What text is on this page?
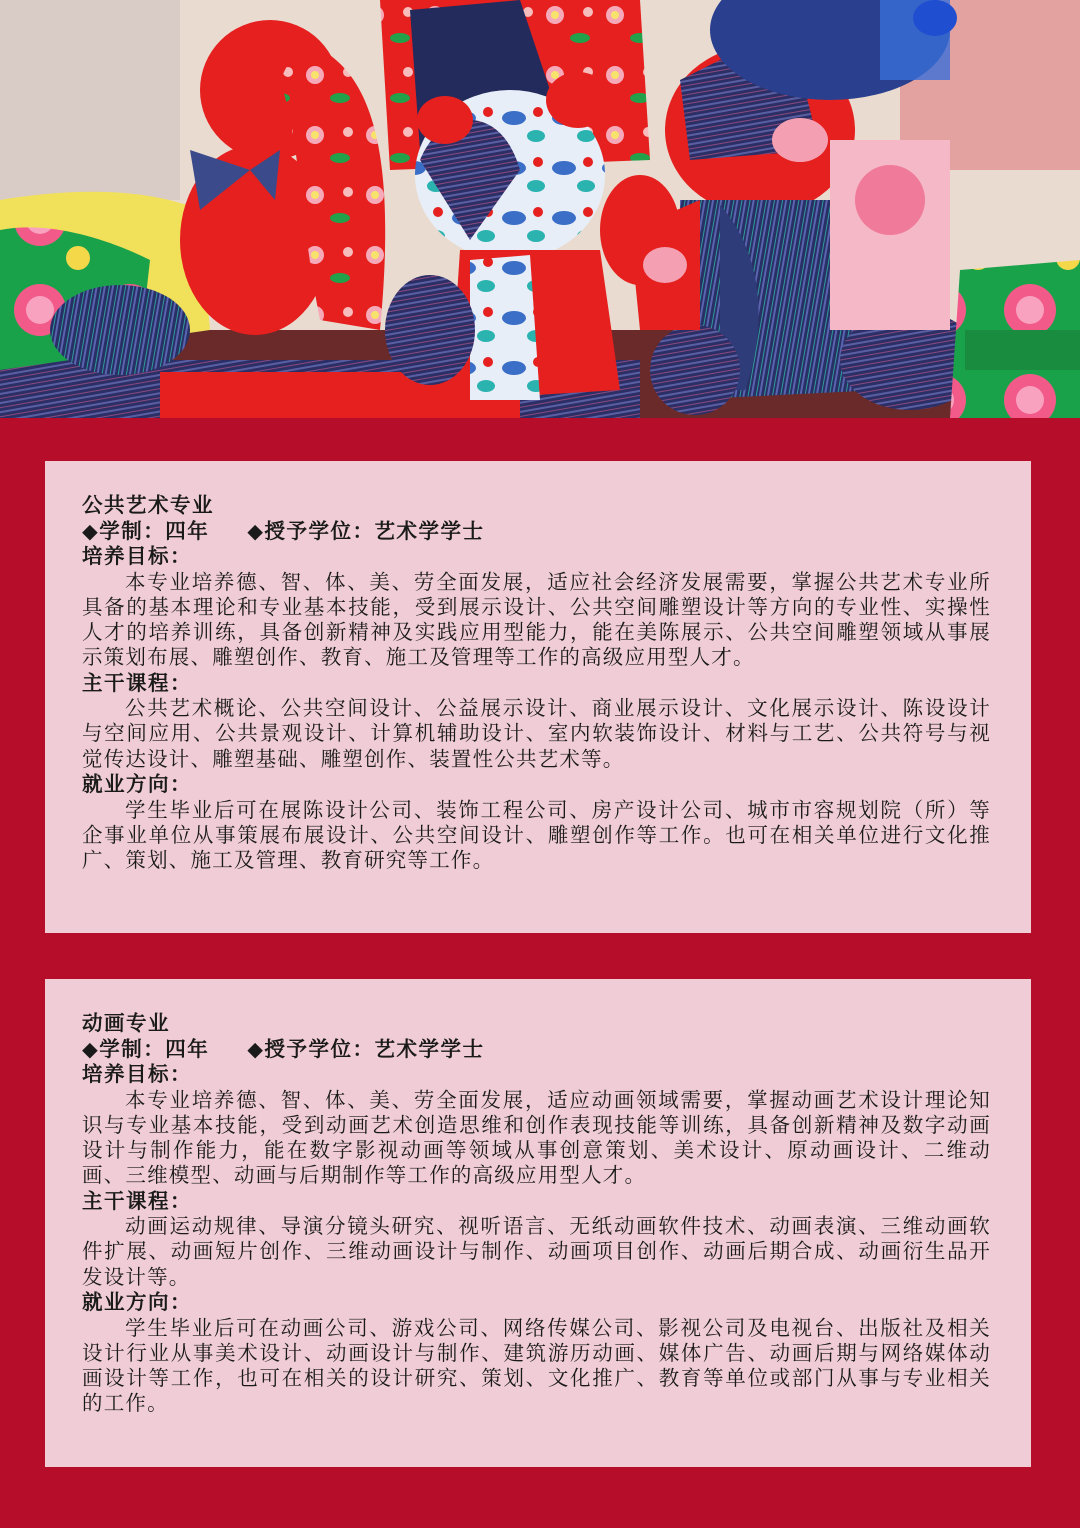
公共艺术专业

◆学制：四年 ◆授予学位：艺术学学士

培养目标：

本专业培养德、智、体、美、劳全面发展，适应社会经济发展需要，掌握公共艺术专业所具备的基本理论和专业基本技能，受到展示设计、公共空间雕塑设计等方向的专业性、实操性人才的培养训练，具备创新精神及实践应用型能力，能在美陈展示、公共空间雕塑领域从事展示策划布展、雕塑创作、教育、施工及管理等工作的高级应用型人才。

主干课程：

公共艺术概论、公共空间设计、公益展示设计、商业展示设计、文化展示设计、陈设设计与空间应用、公共景观设计、计算机辅助设计、室内软装饰设计、材料与工艺、公共符号与视觉传达设计、雕塑基础、雕塑创作、装置性公共艺术等。

就业方向：

学生毕业后可在展陈设计公司、装饰工程公司、房产设计公司、城市市容规划院（所）等企事业单位从事策展布展设计、公共空间设计、雕塑创作等工作。也可在相关单位进行文化推广、策划、施工及管理、教育研究等工作。

动画专业

◆学制：四年 ◆授予学位：艺术学学士

培养目标：

本专业培养德、智、体、美、劳全面发展，适应动画领域需要，掌握动画艺术设计理论知识与专业基本技能，受到动画艺术创造思维和创作表现技能等训练，具备创新精神及数字动画设计与制作能力，能在数字影视动画等领域从事创意策划、美术设计、原动画设计、二维动画、三维模型、动画与后期制作等工作的高级应用型人才。

主干课程：

动画运动规律、导演分镜头研究、视听语言、无纸动画软件技术、动画表演、三维动画软件扩展、动画短片创作、三维动画设计与制作、动画项目创作、动画后期合成、动画衍生品开发设计等。

就业方向：

学生毕业后可在动画公司、游戏公司、网络传媒公司、影视公司及电视台、出版社及相关设计行业从事美术设计、动画设计与制作、建筑游历动画、媒体广告、动画后期与网络媒体动画设计等工作，也可在相关的设计研究、策划、文化推广、教育等单位或部门从事与专业相关的工作。
